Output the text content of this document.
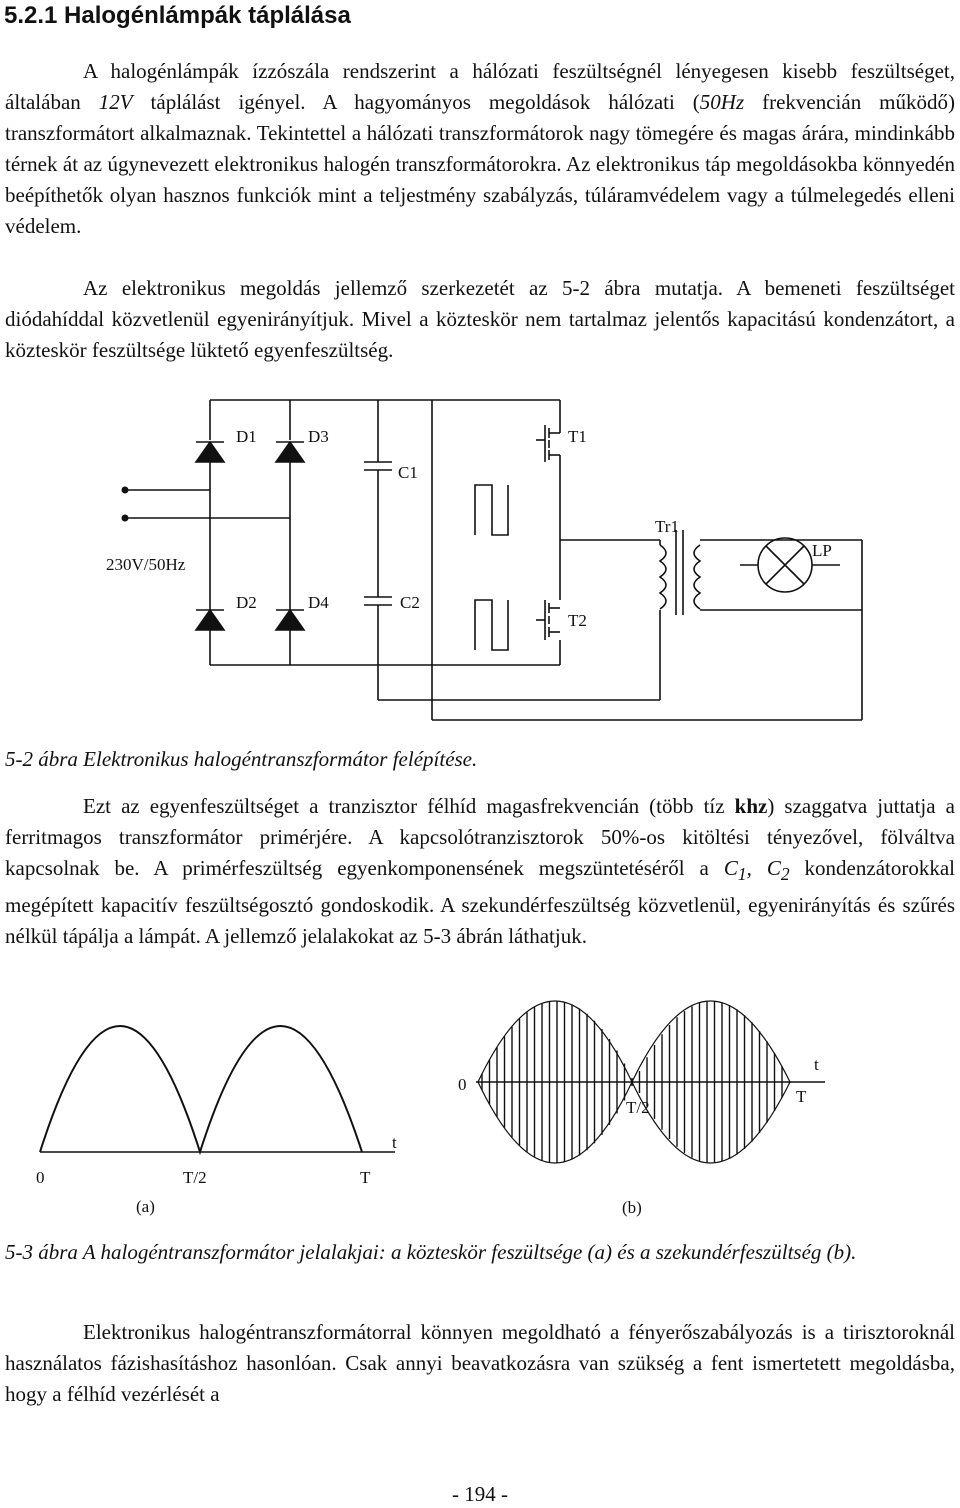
5.2.1 Halogénlámpák táplálása

A halogénlámpák ízzószála rendszerint a hálózati feszültségnél lényegesen kisebb feszültséget, általában 12V táplálást igényel. A hagyományos megoldások hálózati (50Hz frekvencián működő) transzformátort alkalmaznak. Tekintettel a hálózati transzformátorok nagy tömegére és magas árára, mindinkább térnek át az úgynevezett elektronikus halogén transzformátorokra. Az elektronikus táp megoldásokba könnyedén beépíthetők olyan hasznos funkciók mint a teljestmény szabályzás, túláramvédelem vagy a túlmelegedés elleni védelem.

Az elektronikus megoldás jellemző szerkezetét az 5-2 ábra mutatja. A bemeneti feszültséget diódahíddal közvetlenül egyenirányítjuk. Mivel a közteskör nem tartalmaz jelentős kapacitású kondenzátort, a közteskör feszültsége lüktető egyenfeszültség.

D1	D3
C1
T1
Tr1
LP
230V/50Hz
D2	D4	C2
T2

5-2 ábra Elektronikus halogéntranszformátor felépítése.

Ezt az egyenfeszültséget a tranzisztor félhíd magasfrekvencián (több tíz khz) szaggatva juttatja a ferritmagos transzformátor primérjére. A kapcsolótranzisztorok 50%-os kitöltési tényezővel, fölváltva kapcsolnak be. A primérfeszültség egyenkomponensének megszüntetéséről a $C_1$, $C_2$ kondenzátorokkal megépített kapacitív feszültségosztó gondoskodik. A szekundérfeszültség közvetlenül, egyenirányítás és szűrés nélkül tápálja a lámpát. A jellemző jelalakokat az 5-3 ábrán láthatjuk.

0	T/2	T
t
(a)
0
T/2
T
t
(b)

5-3 ábra A halogéntranszformátor jelalakjai: a közteskör feszültsége (a) és a szekundérfeszültség (b).

Elektronikus halogéntranszformátorral könnyen megoldható a fényerőszabályozás is a tirisztoroknál használatos fázishasításhoz hasonlóan. Csak annyi beavatkozásra van szükség a fent ismertetett megoldásba, hogy a félhíd vezérlését a

- 194 -
